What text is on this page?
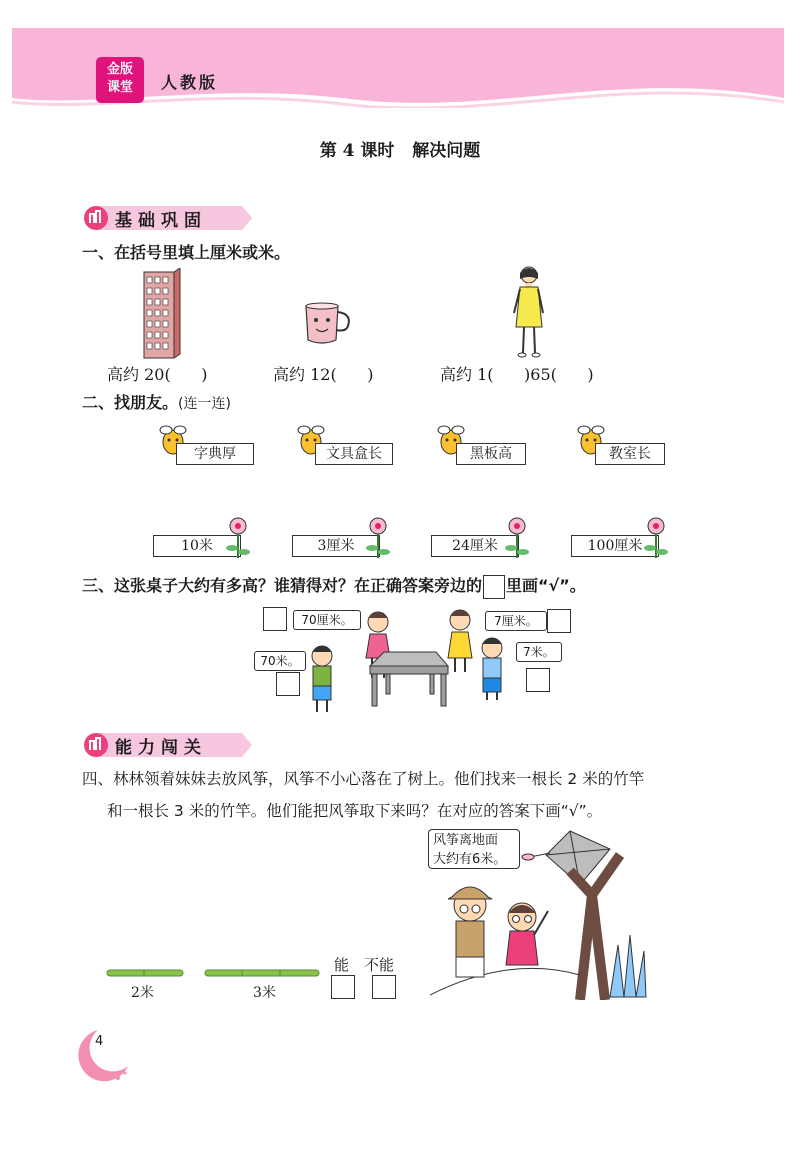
金版
课堂	人教版
第 4 课时 解决问题
基础巩固
一、在括号里填上厘米或米。
高约 20(      )	高约 12(      )	高约 1(      )65(      )
二、找朋友。(连一连)
字典厚	文具盒长	黑板高	教室长
10米	3厘米	24厘米	100厘米
三、这张桌子大约有多高？谁猜得对？在正确答案旁边的 里画“√”。
70厘米。
70米。
7厘米。
7米。
能力闯关
四、林林领着妹妹去放风筝，风筝不小心落在了树上。他们找来一根长 2 米的竹竿
和一根长 3 米的竹竿。他们能把风筝取下来吗？在对应的答案下画“√”。
风筝离地面
大约有6米。
2米	3米
能 不能
4
